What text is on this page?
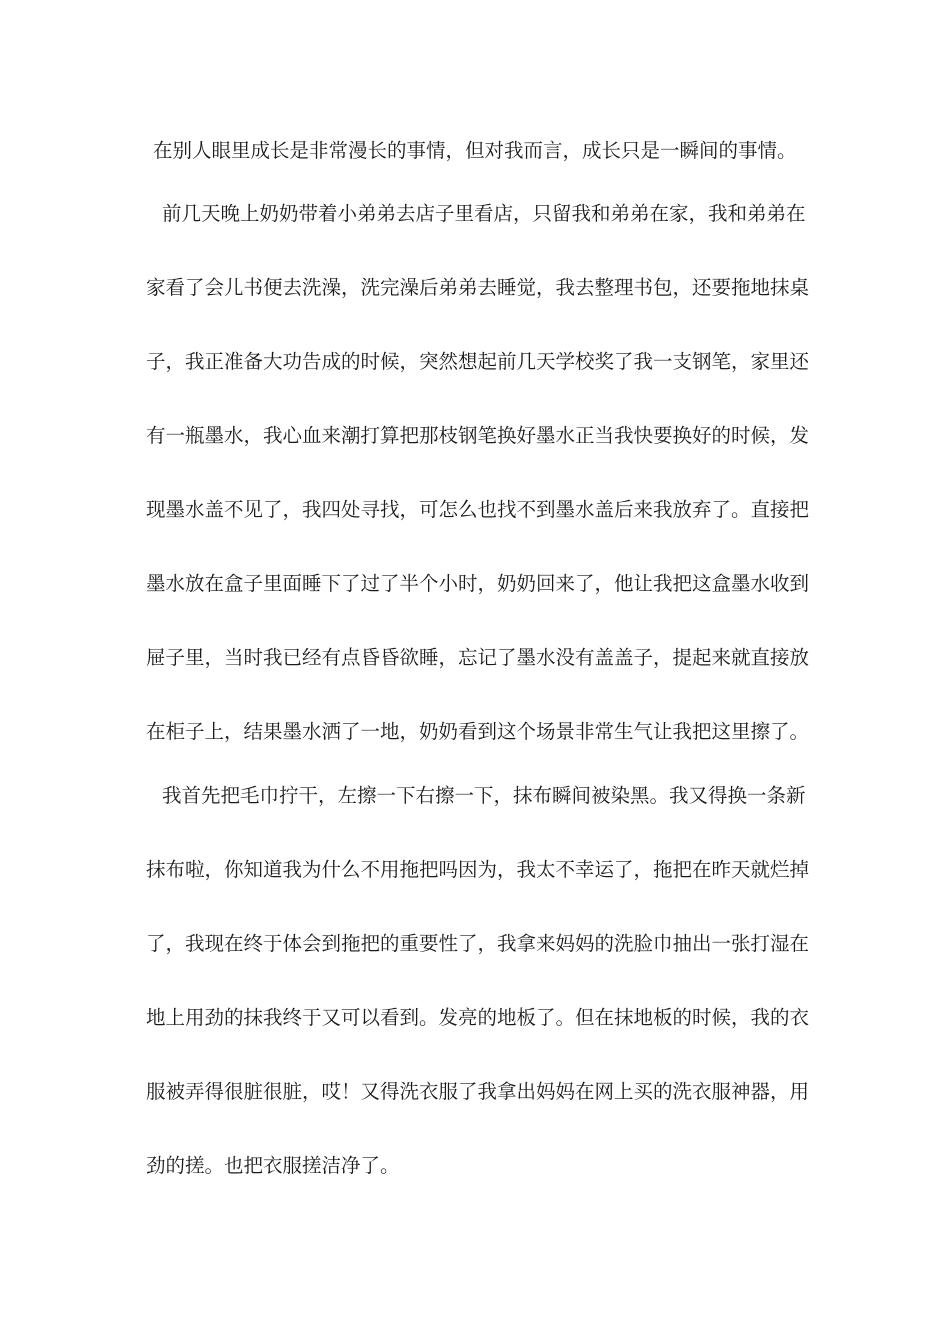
在别人眼里成长是非常漫长的事情，但对我而言，成长只是一瞬间的事情。
前几天晚上奶奶带着小弟弟去店子里看店，只留我和弟弟在家，我和弟弟在
家看了会儿书便去洗澡，洗完澡后弟弟去睡觉，我去整理书包，还要拖地抹桌
子，我正准备大功告成的时候，突然想起前几天学校奖了我一支钢笔，家里还
有一瓶墨水，我心血来潮打算把那枝钢笔换好墨水正当我快要换好的时候，发
现墨水盖不见了，我四处寻找，可怎么也找不到墨水盖后来我放弃了。直接把
墨水放在盒子里面睡下了过了半个小时，奶奶回来了，他让我把这盒墨水收到
屉子里，当时我已经有点昏昏欲睡，忘记了墨水没有盖盖子，提起来就直接放
在柜子上，结果墨水洒了一地，奶奶看到这个场景非常生气让我把这里擦了。
我首先把毛巾拧干，左擦一下右擦一下，抹布瞬间被染黑。我又得换一条新
抹布啦，你知道我为什么不用拖把吗因为，我太不幸运了，拖把在昨天就烂掉
了，我现在终于体会到拖把的重要性了，我拿来妈妈的洗脸巾抽出一张打湿在
地上用劲的抹我终于又可以看到。发亮的地板了。但在抹地板的时候，我的衣
服被弄得很脏很脏，哎！又得洗衣服了我拿出妈妈在网上买的洗衣服神器，用
劲的搓。也把衣服搓洁净了。
